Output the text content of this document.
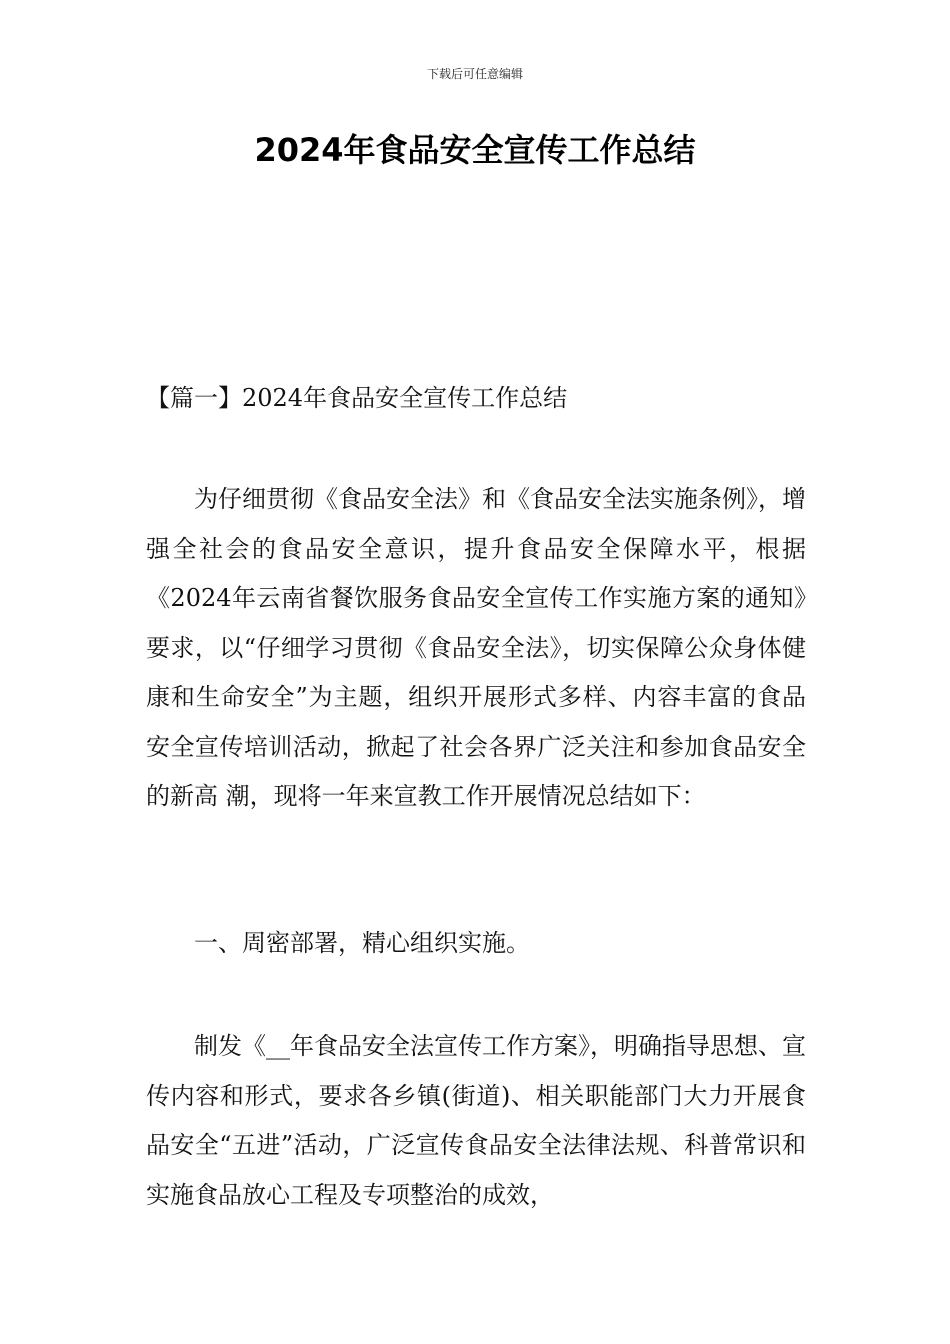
下载后可任意编辑
2024年食品安全宣传工作总结
【篇一】2024年食品安全宣传工作总结

为仔细贯彻《食品安全法》和《食品安全法实施条例》，增强全社会的食品安全意识，提升食品安全保障水平，根据《2024年云南省餐饮服务食品安全宣传工作实施方案的通知》要求，以“仔细学习贯彻《食品安全法》，切实保障公众身体健康和生命安全”为主题，组织开展形式多样、内容丰富的食品安全宣传培训活动，掀起了社会各界广泛关注和参加食品安全的新高 潮，现将一年来宣教工作开展情况总结如下：

一、周密部署，精心组织实施。

制发《__年食品安全法宣传工作方案》，明确指导思想、宣传内容和形式，要求各乡镇(街道)、相关职能部门大力开展食品安全“五进”活动，广泛宣传食品安全法律法规、科普常识和实施食品放心工程及专项整治的成效，
